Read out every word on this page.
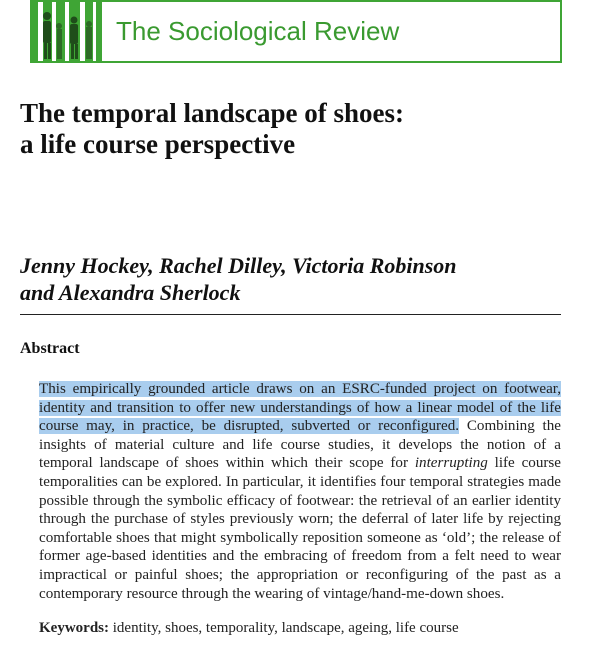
The Sociological Review
The temporal landscape of shoes:
a life course perspective
Jenny Hockey, Rachel Dilley, Victoria Robinson
and Alexandra Sherlock
Abstract

This empirically grounded article draws on an ESRC-funded project on footwear, identity and transition to offer new understandings of how a linear model of the life course may, in practice, be disrupted, subverted or reconfigured. Combining the insights of material culture and life course studies, it develops the notion of a temporal landscape of shoes within which their scope for interrupting life course temporalities can be explored. In particular, it identifies four temporal strategies made possible through the symbolic efficacy of footwear: the retrieval of an earlier identity through the purchase of styles previously worn; the deferral of later life by rejecting comfortable shoes that might symbolically reposition someone as ‘old’; the release of former age-based identities and the embracing of freedom from a felt need to wear impractical or painful shoes; the appropriation or reconfiguring of the past as a contemporary resource through the wearing of vintage/hand-me-down shoes.

Keywords: identity, shoes, temporality, landscape, ageing, life course
